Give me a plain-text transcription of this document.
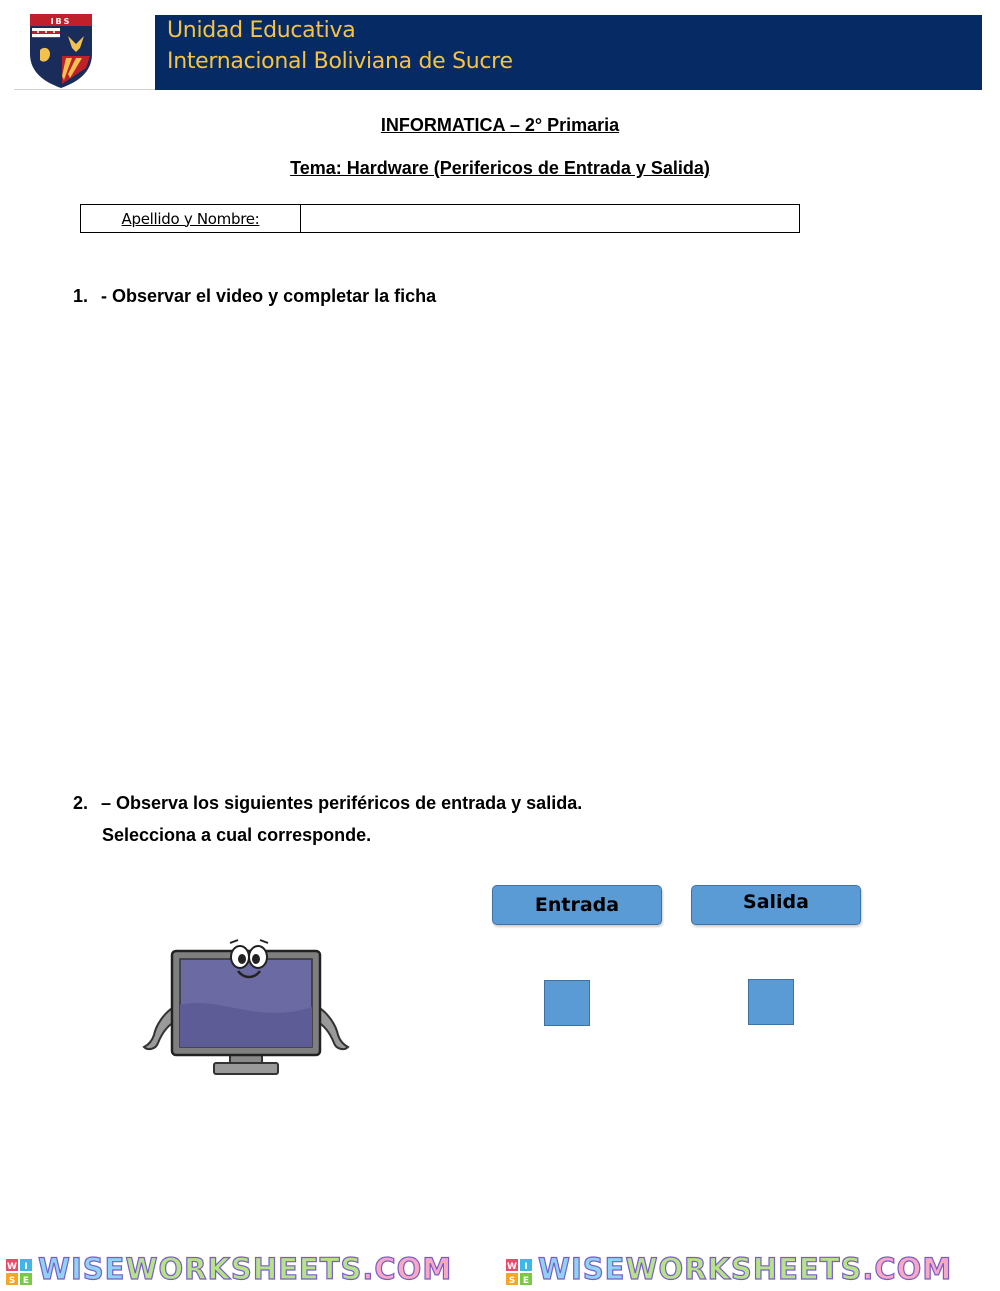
IBS	Unidad Educativa
Internacional Boliviana de Sucre
INFORMATICA – 2° Primaria
Tema: Hardware (Perifericos de Entrada y Salida)
Apellido y Nombre:
1. - Observar el video y completar la ficha
2. – Observa los siguientes periféricos de entrada y salida.
Selecciona a cual corresponde.
Entrada	Salida
W I
S E WISEWORKSHEETS.COM	W I
S E WISEWORKSHEETS.COM
